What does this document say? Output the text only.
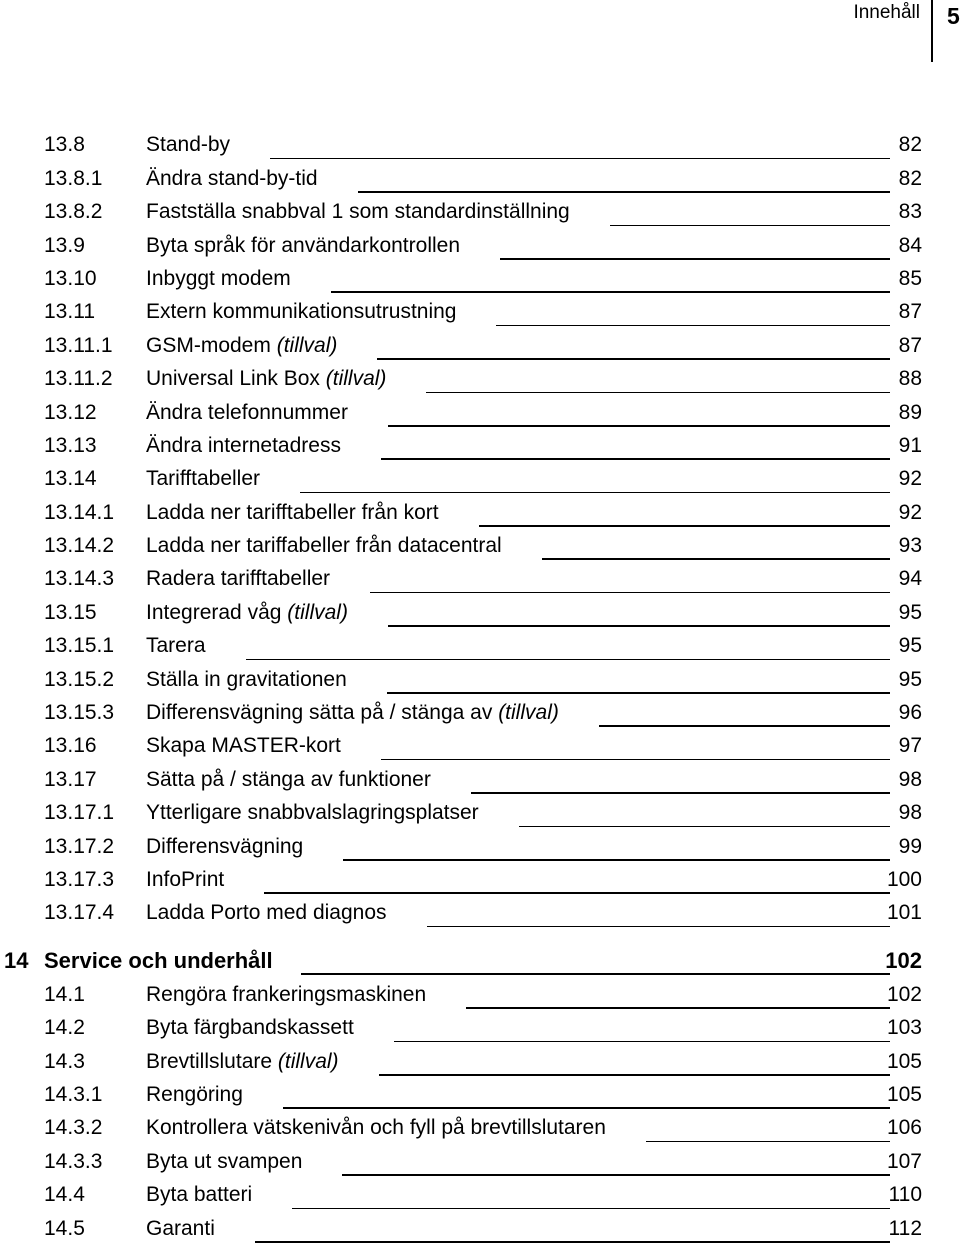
Innehåll 5
13.8	Stand-by	82
13.8.1 Ändra stand-by-tid	82
13.8.2 Fastställa snabbval 1 som standardinställning	83
13.9	Byta språk för användarkontrollen	84
13.10 Inbyggt modem	85
13.11 Extern kommunikationsutrustning	87
13.11.1 GSM-modem (tillval)	87
13.11.2 Universal Link Box (tillval)	88
13.12 Ändra telefonnummer	89
13.13 Ändra internetadress	91
13.14 Tarifftabeller	92
13.14.1 Ladda ner tarifftabeller från kort	92
13.14.2 Ladda ner tariffabeller från datacentral	93
13.14.3 Radera tarifftabeller	94
13.15 Integrerad våg (tillval)	95
13.15.1 Tarera	95
13.15.2 Ställa in gravitationen	95
13.15.3 Differensvägning sätta på / stänga av (tillval)	96
13.16 Skapa MASTER-kort	97
13.17 Sätta på / stänga av funktioner	98
13.17.1 Ytterligare snabbvalslagringsplatser	98
13.17.2 Differensvägning	99
13.17.3 InfoPrint	100
13.17.4 Ladda Porto med diagnos	101
14 Service och underhåll	102
14.1	Rengöra frankeringsmaskinen	102
14.2	Byta färgbandskassett	103
14.3	Brevtillslutare (tillval)	105
14.3.1 Rengöring	105
14.3.2 Kontrollera vätskenivån och fyll på brevtillslutaren	106
14.3.3 Byta ut svampen	107
14.4	Byta batteri	110
14.5	Garanti	112
